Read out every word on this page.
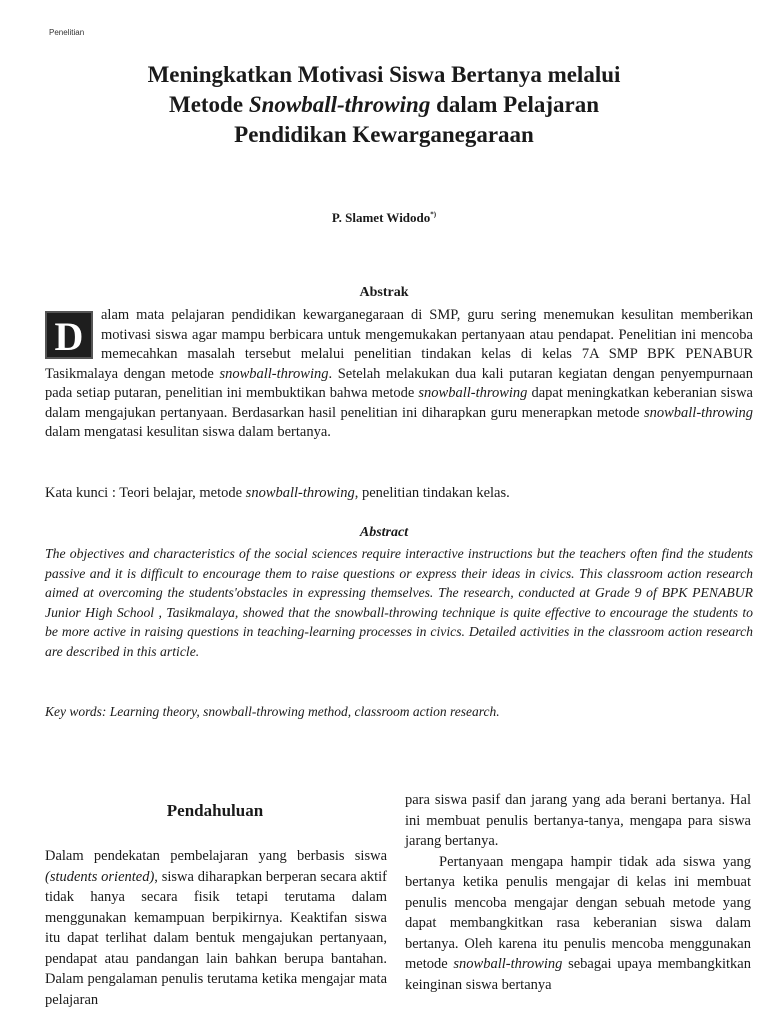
Penelitian
Meningkatkan Motivasi Siswa Bertanya melalui
Metode Snowball-throwing dalam Pelajaran
Pendidikan Kewarganegaraan
P. Slamet Widodo*)
Abstrak
D	alam mata pelajaran pendidikan kewarganegaraan di SMP, guru sering menemukan kesulitan memberikan motivasi siswa agar mampu berbicara untuk mengemukakan pertanyaan atau pendapat. Penelitian ini mencoba memecahkan masalah tersebut melalui penelitian tindakan kelas di kelas 7A SMP BPK PENABUR Tasikmalaya dengan metode snowball-throwing. Setelah melakukan dua kali putaran kegiatan dengan penyempurnaan pada setiap putaran, penelitian ini membuktikan bahwa metode snowball-throwing dapat meningkatkan keberanian siswa dalam mengajukan pertanyaan. Berdasarkan hasil penelitian ini diharapkan guru menerapkan metode snowball-throwing dalam mengatasi kesulitan siswa dalam bertanya.
Kata kunci : Teori belajar, metode snowball-throwing, penelitian tindakan kelas.
Abstract
The objectives and characteristics of the social sciences require interactive instructions but the teachers often find the students passive and it is difficult to encourage them to raise questions or express their ideas in civics. This classroom action research aimed at overcoming the students'obstacles in expressing themselves. The research, conducted at Grade 9 of BPK PENABUR Junior High School , Tasikmalaya, showed that the snowball-throwing technique is quite effective to encourage the students to be more active in raising questions in teaching-learning processes in civics. Detailed activities in the classroom action research are described in this article.
Key words: Learning theory, snowball-throwing method, classroom action research.
Pendahuluan
Dalam pendekatan pembelajaran yang berbasis siswa (students oriented), siswa diharapkan berperan secara aktif tidak hanya secara fisik tetapi terutama dalam menggunakan kemampuan berpikirnya. Keaktifan siswa itu dapat terlihat dalam bentuk mengajukan pertanyaan, pendapat atau pandangan lain bahkan berupa bantahan. Dalam pengalaman penulis terutama ketika mengajar mata pelajaran
para siswa pasif dan jarang yang ada berani bertanya. Hal ini membuat penulis bertanya-tanya, mengapa para siswa jarang bertanya.
Pertanyaan mengapa hampir tidak ada siswa yang bertanya ketika penulis mengajar di kelas ini membuat penulis mencoba mengajar dengan sebuah metode yang dapat membangkitkan rasa keberanian siswa dalam bertanya. Oleh karena itu penulis mencoba menggunakan metode snowball-throwing sebagai upaya membangkitkan keinginan siswa bertanya
